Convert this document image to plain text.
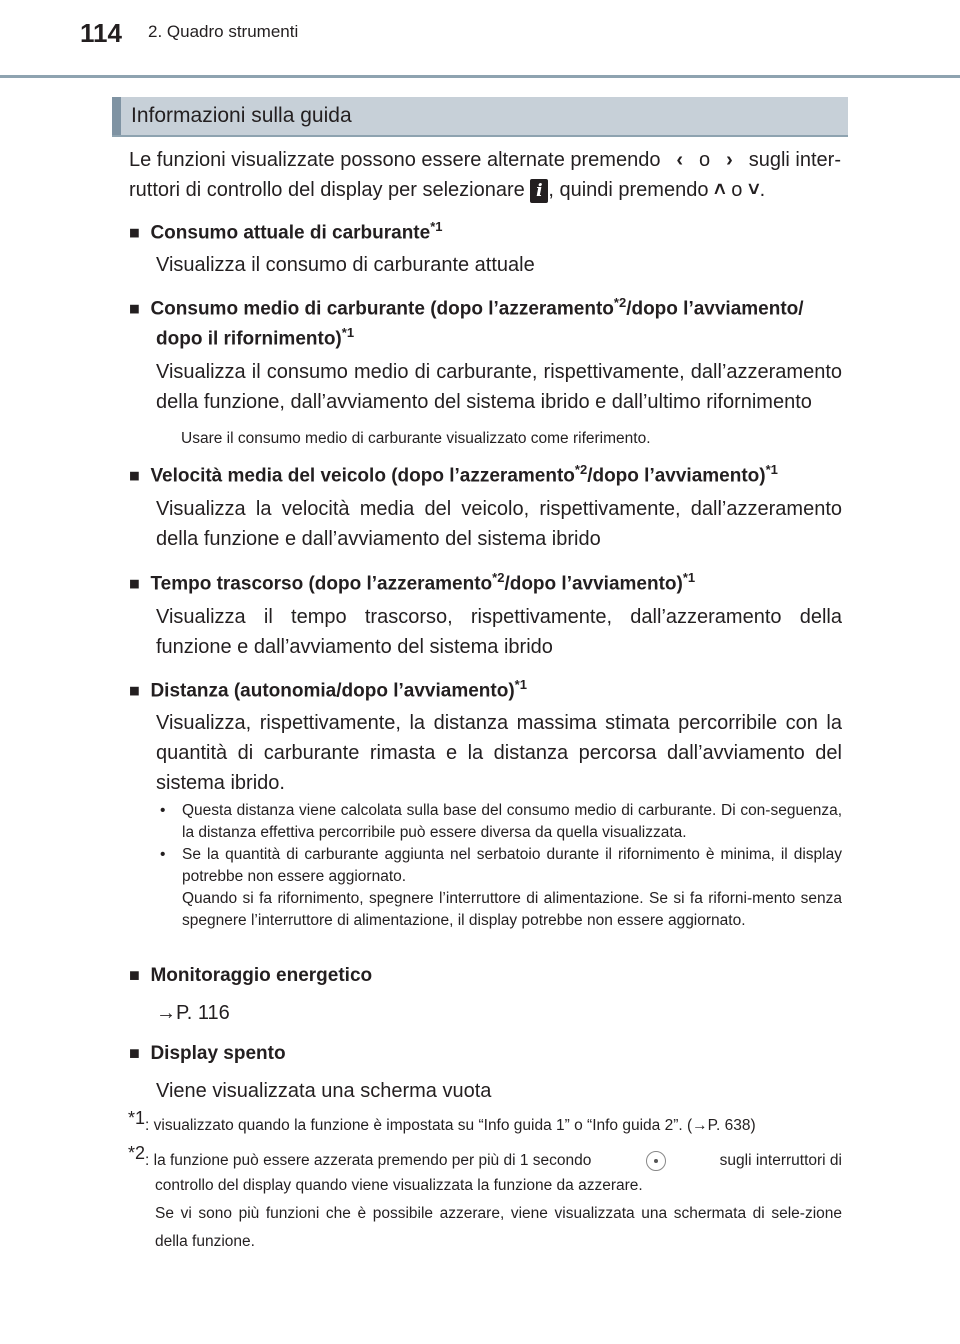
114 2. Quadro strumenti
Informazioni sulla guida
Le funzioni visualizzate possono essere alternate premendo ‹ o › sugli inter-
ruttori di controllo del display per selezionare i , quindi premendo ˄ o ˅.
■ Consumo attuale di carburante$^{*1}$
Visualizza il consumo di carburante attuale
■ Consumo medio di carburante (dopo l’azzeramento$^{*2}$/dopo l’avviamento/
dopo il rifornimento)$^{*1}$
Visualizza il consumo medio di carburante, rispettivamente, dall’azzeramento della funzione, dall’avviamento del sistema ibrido e dall’ultimo rifornimento
Usare il consumo medio di carburante visualizzato come riferimento.
■ Velocità media del veicolo (dopo l’azzeramento$^{*2}$/dopo l’avviamento)$^{*1}$
Visualizza la velocità media del veicolo, rispettivamente, dall’azzeramento della funzione e dall’avviamento del sistema ibrido
■ Tempo trascorso (dopo l’azzeramento$^{*2}$/dopo l’avviamento)$^{*1}$
Visualizza il tempo trascorso, rispettivamente, dall’azzeramento della funzione e dall’avviamento del sistema ibrido
■ Distanza (autonomia/dopo l’avviamento)$^{*1}$
Visualizza, rispettivamente, la distanza massima stimata percorribile con la quantità di carburante rimasta e la distanza percorsa dall’avviamento del sistema ibrido.
•	Questa distanza viene calcolata sulla base del consumo medio di carburante. Di con-seguenza, la distanza effettiva percorribile può essere diversa da quella visualizzata.
•	Se la quantità di carburante aggiunta nel serbatoio durante il rifornimento è minima, il display potrebbe non essere aggiornato.
Quando si fa rifornimento, spegnere l’interruttore di alimentazione. Se si fa riforni-mento senza spegnere l’interruttore di alimentazione, il display potrebbe non essere aggiornato.
■ Monitoraggio energetico
→P. 116
■ Display spento
Viene visualizzata una scherma vuota
*1: visualizzato quando la funzione è impostata su “Info guida 1” o “Info guida 2”. (→P. 638)
*2: la funzione può essere azzerata premendo per più di 1 secondo	sugli interruttori di
controllo del display quando viene visualizzata la funzione da azzerare.
Se vi sono più funzioni che è possibile azzerare, viene visualizzata una schermata di sele-zione della funzione.
